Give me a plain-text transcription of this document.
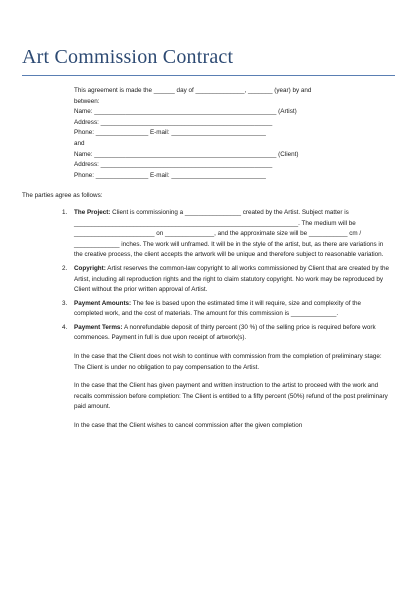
Art Commission Contract
This agreement is made the ______ day of ______________, _______ (year) by and
between:
Name: ____________________________________________________ (Artist)
Address: _________________________________________________
Phone: _______________ E-mail: ___________________________
and
Name: ____________________________________________________ (Client)
Address: _________________________________________________
Phone: _______________ E-mail: ___________________________
The parties agree as follows:
1. The Project: Client is commissioning a ________________ created by the Artist. Subject matter is ________________________________________________________________. The medium will be _______________________ on ______________, and the approximate size will be ___________ cm / _____________ inches. The work will unframed. It will be in the style of the artist, but, as there are variations in the creative process, the client accepts the artwork will be unique and therefore subject to reasonable variation.

2. Copyright: Artist reserves the common-law copyright to all works commissioned by Client that are created by the Artist, including all reproduction rights and the right to claim statutory copyright. No work may be reproduced by Client without the prior written approval of Artist.

3. Payment Amounts: The fee is based upon the estimated time it will require, size and complexity of the completed work, and the cost of materials. The amount for this commission is _____________.

4. Payment Terms: A nonrefundable deposit of thirty percent (30 %) of the selling price is required before work commences. Payment in full is due upon receipt of artwork(s).

In the case that the Client does not wish to continue with commission from the completion of preliminary stage: The Client is under no obligation to pay compensation to the Artist.

In the case that the Client has given payment and written instruction to the artist to proceed with the work and recalls commission before completion: The Client is entitled to a fifty percent (50%) refund of the post preliminary paid amount.

In the case that the Client wishes to cancel commission after the given completion
